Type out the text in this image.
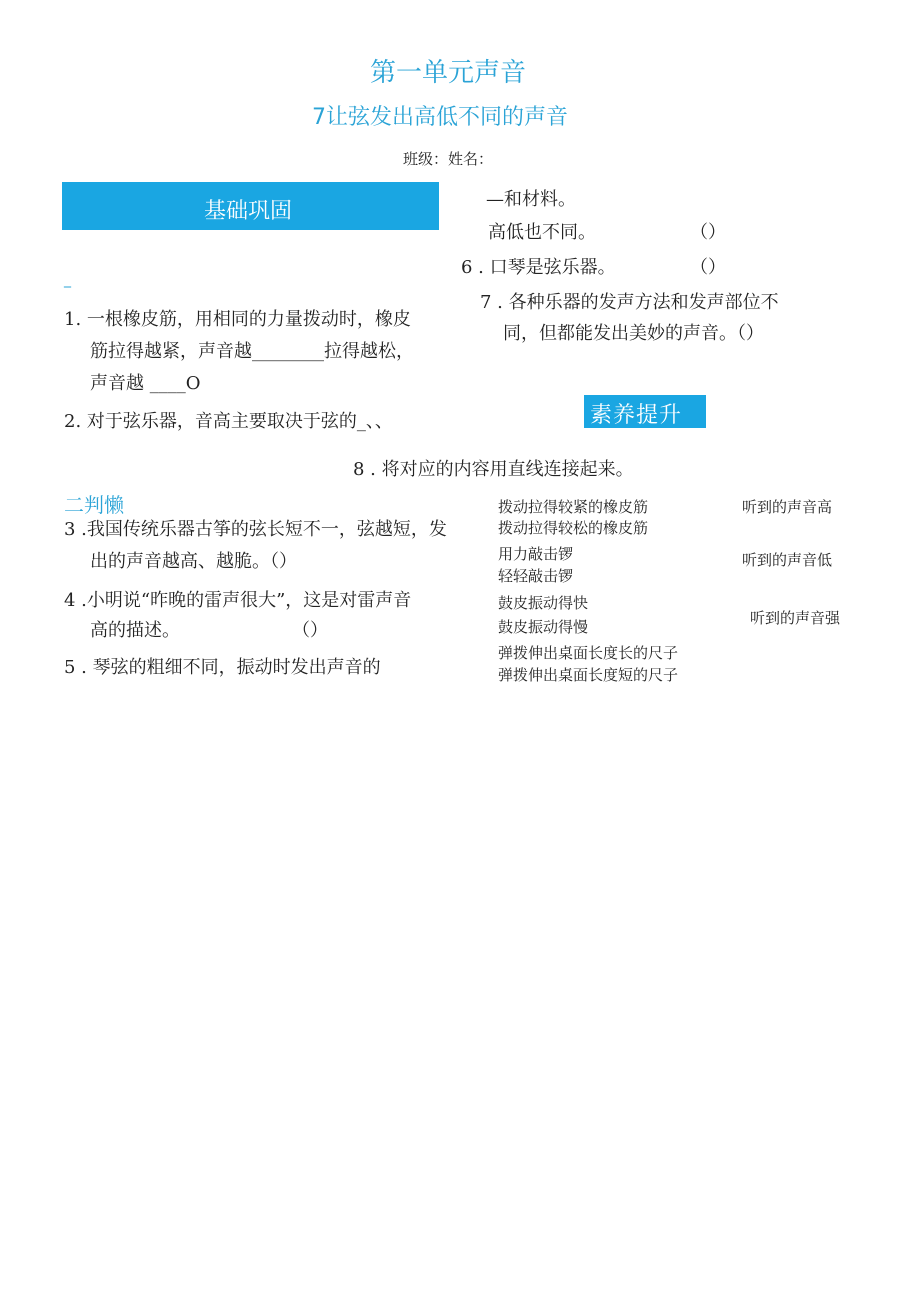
第一单元声音
7让弦发出高低不同的声音
班级：姓名：
基础巩固
_
1. 一根橡皮筋，用相同的力量拨动时，橡皮
筋拉得越紧，声音越________拉得越松，
声音越 ____O
2. 对于弦乐器，音高主要取决于弦的_、、
二判懒
3 .我国传统乐器古筝的弦长短不一，弦越短，发
出的声音越高、越脆。（）
4 .小明说“昨晚的雷声很大”，这是对雷声音
高的描述。	（）
5 . 琴弦的粗细不同，振动时发出声音的
—和材料。
高低也不同。	（）
6 . 口琴是弦乐器。	（）
7 . 各种乐器的发声方法和发声部位不
同，但都能发出美妙的声音。（）
素养提升
8 . 将对应的内容用直线连接起来。
拨动拉得较紧的橡皮筋
拨动拉得较松的橡皮筋
用力敲击锣
轻轻敲击锣
鼓皮振动得快
鼓皮振动得慢
弹拨伸出桌面长度长的尺子
弹拨伸出桌面长度短的尺子
听到的声音高
听到的声音低
听到的声音强
